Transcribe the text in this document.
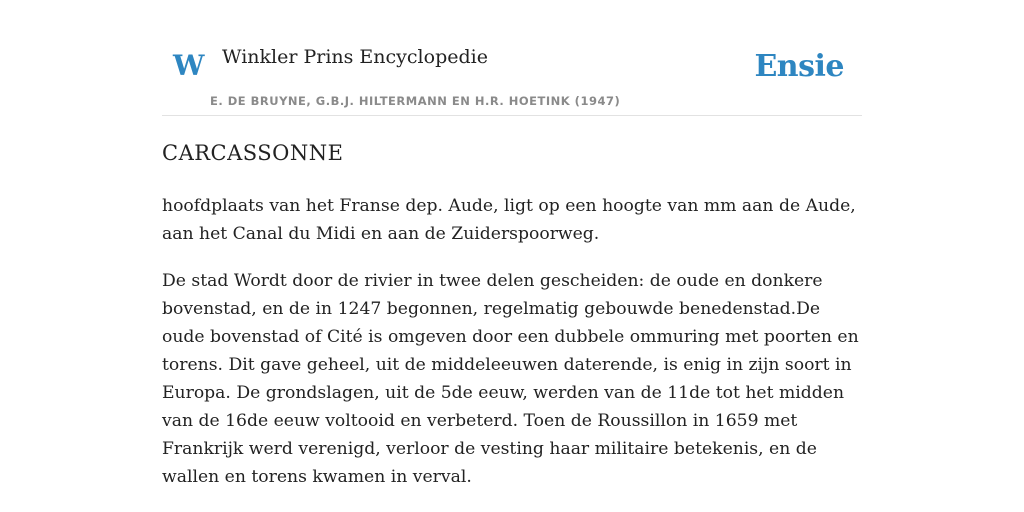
W Winkler Prins Encyclopedie
E. DE BRUYNE, G.B.J. HILTERMANN EN H.R. HOETINK (1947)
Ensie
CARCASSONNE

hoofdplaats van het Franse dep. Aude, ligt op een hoogte van mm aan de Aude, aan het Canal du Midi en aan de Zuiderspoorweg.

De stad Wordt door de rivier in twee delen gescheiden: de oude en donkere bovenstad, en de in 1247 begonnen, regelmatig gebouwde benedenstad.De oude bovenstad of Cité is omgeven door een dubbele ommuring met poorten en torens. Dit gave geheel, uit de middeleeuwen daterende, is enig in zijn soort in Europa. De grondslagen, uit de 5de eeuw, werden van de 11de tot het midden van de 16de eeuw voltooid en verbeterd. Toen de Roussillon in 1659 met Frankrijk werd verenigd, verloor de vesting haar militaire betekenis, en de wallen en torens kwamen in verval.
